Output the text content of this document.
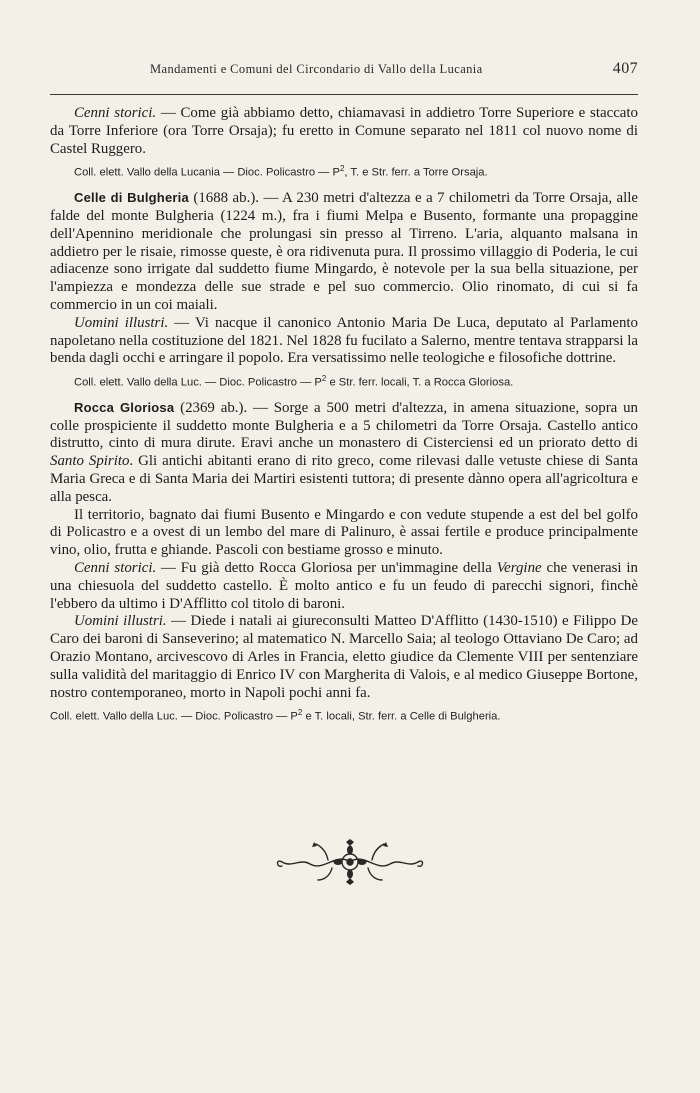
Mandamenti e Comuni del Circondario di Vallo della Lucania	407

Cenni storici. — Come già abbiamo detto, chiamavasi in addietro Torre Superiore e staccato da Torre Inferiore (ora Torre Orsaja); fu eretto in Comune separato nel 1811 col nuovo nome di Castel Ruggero.

Coll. elett. Vallo della Lucania — Dioc. Policastro — $P^2$, T. e Str. ferr. a Torre Orsaja.

Celle di Bulgheria (1688 ab.). — A 230 metri d'altezza e a 7 chilometri da Torre Orsaja, alle falde del monte Bulgheria (1224 m.), fra i fiumi Melpa e Busento, formante una propaggine dell'Apennino meridionale che prolungasi sin presso al Tirreno. L'aria, alquanto malsana in addietro per le risaie, rimosse queste, è ora ridivenuta pura. Il prossimo villaggio di Poderia, le cui adiacenze sono irrigate dal suddetto fiume Mingardo, è notevole per la sua bella situazione, per l'ampiezza e mondezza delle sue strade e pel suo commercio. Olio rinomato, di cui si fa commercio in un coi maiali.

Uomini illustri. — Vi nacque il canonico Antonio Maria De Luca, deputato al Parlamento napoletano nella costituzione del 1821. Nel 1828 fu fucilato a Salerno, mentre tentava strapparsi la benda dagli occhi e arringare il popolo. Era versatissimo nelle teologiche e filosofiche dottrine.

Coll. elett. Vallo della Luc. — Dioc. Policastro — $P^2$ e Str. ferr. locali, T. a Rocca Gloriosa.

Rocca Gloriosa (2369 ab.). — Sorge a 500 metri d'altezza, in amena situazione, sopra un colle prospiciente il suddetto monte Bulgheria e a 5 chilometri da Torre Orsaja. Castello antico distrutto, cinto di mura dirute. Eravi anche un monastero di Cisterciensi ed un priorato detto di Santo Spirito. Gli antichi abitanti erano di rito greco, come rilevasi dalle vetuste chiese di Santa Maria Greca e di Santa Maria dei Martiri esistenti tuttora; di presente dànno opera all'agricoltura e alla pesca.

Il territorio, bagnato dai fiumi Busento e Mingardo e con vedute stupende a est del bel golfo di Policastro e a ovest di un lembo del mare di Palinuro, è assai fertile e produce principalmente vino, olio, frutta e ghiande. Pascoli con bestiame grosso e minuto.

Cenni storici. — Fu già detto Rocca Gloriosa per un'immagine della Vergine che venerasi in una chiesuola del suddetto castello. È molto antico e fu un feudo di parecchi signori, finchè l'ebbero da ultimo i D'Afflitto col titolo di baroni.

Uomini illustri. — Diede i natali ai giureconsulti Matteo D'Afflitto (1430-1510) e Filippo De Caro dei baroni di Sanseverino; al matematico N. Marcello Saia; al teologo Ottaviano De Caro; ad Orazio Montano, arcivescovo di Arles in Francia, eletto giudice da Clemente VIII per sentenziare sulla validità del maritaggio di Enrico IV con Margherita di Valois, e al medico Giuseppe Bortone, nostro contemporaneo, morto in Napoli pochi anni fa.

Coll. elett. Vallo della Luc. — Dioc. Policastro — $P^2$ e T. locali, Str. ferr. a Celle di Bulgheria.
